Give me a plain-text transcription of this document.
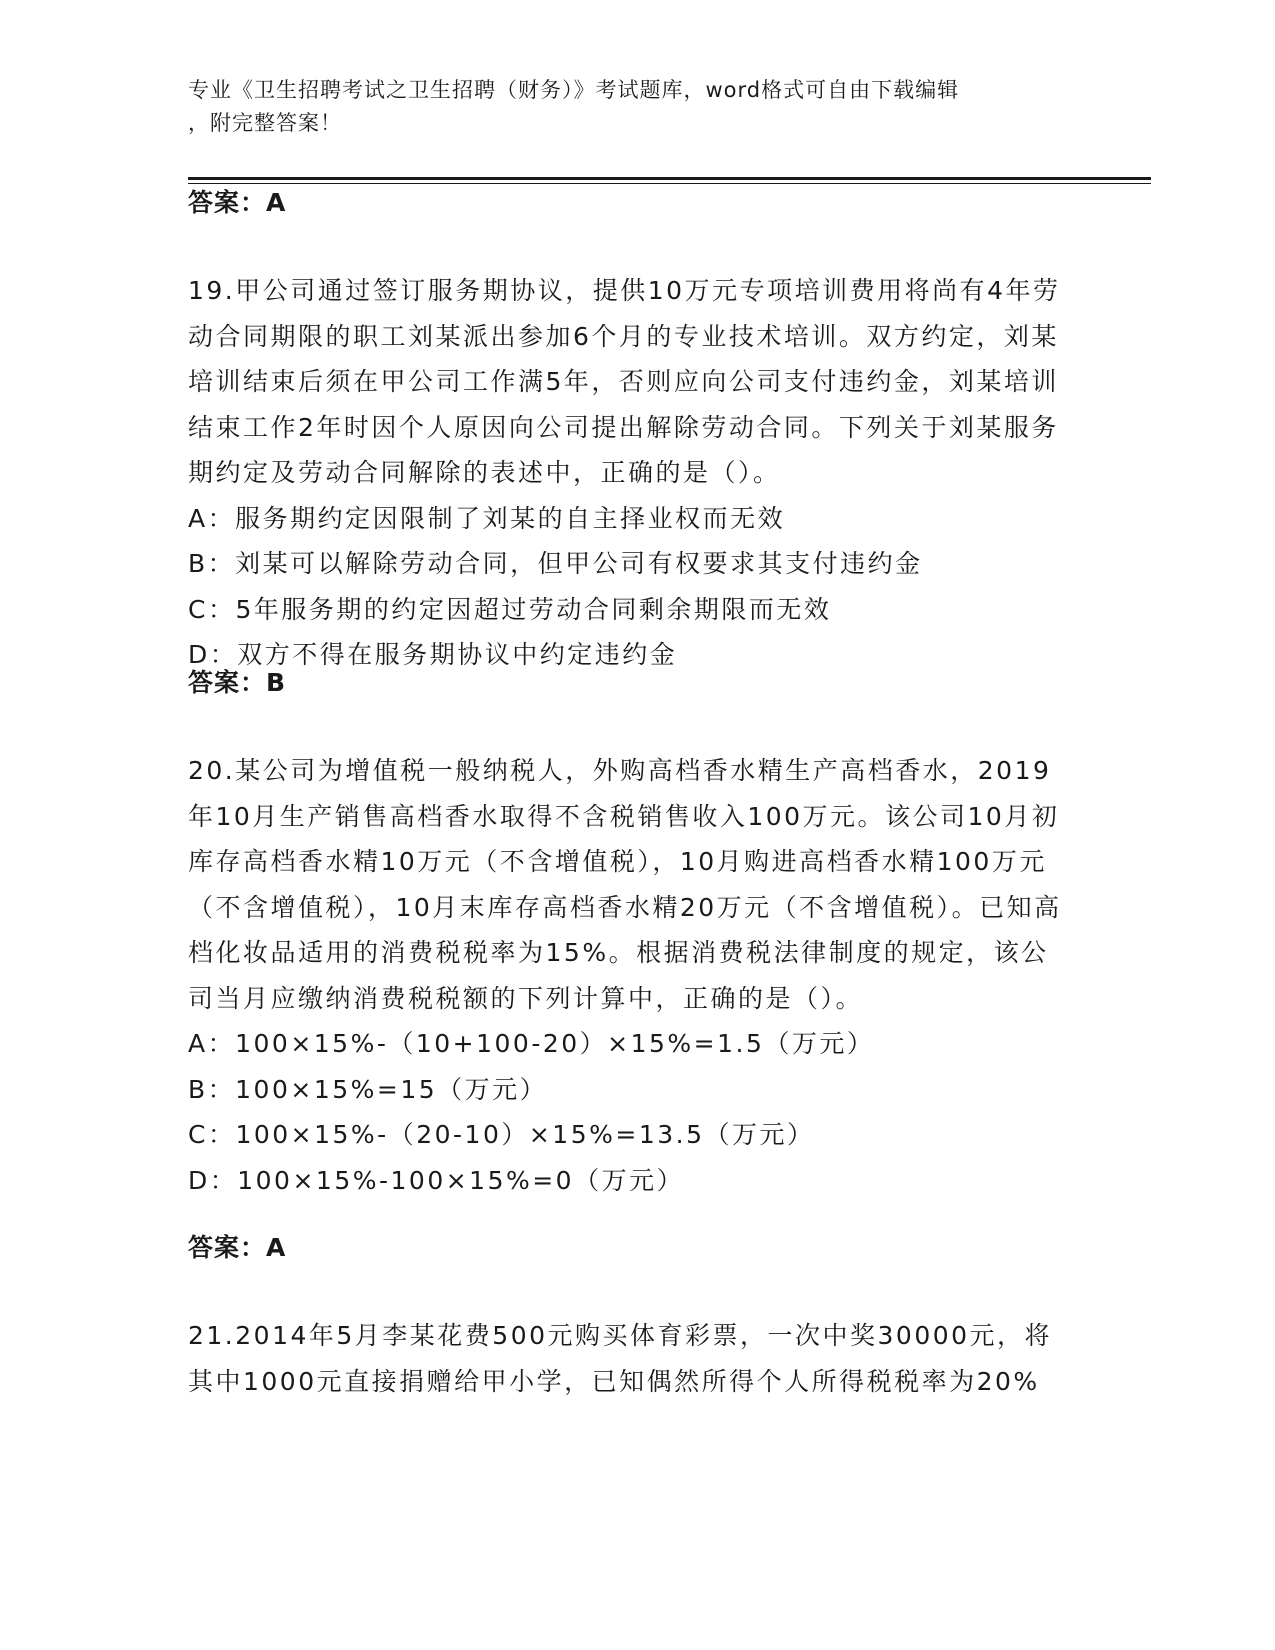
专业《卫生招聘考试之卫生招聘（财务）》考试题库，word格式可自由下载编辑
，附完整答案！
答案：A
19.甲公司通过签订服务期协议，提供10万元专项培训费用将尚有4年劳动合同期限的职工刘某派出参加6个月的专业技术培训。双方约定，刘某培训结束后须在甲公司工作满5年，否则应向公司支付违约金，刘某培训结束工作2年时因个人原因向公司提出解除劳动合同。下列关于刘某服务期约定及劳动合同解除的表述中，正确的是（）。
A：服务期约定因限制了刘某的自主择业权而无效
B：刘某可以解除劳动合同，但甲公司有权要求其支付违约金
C：5年服务期的约定因超过劳动合同剩余期限而无效
D：双方不得在服务期协议中约定违约金
答案：B
20.某公司为增值税一般纳税人，外购高档香水精生产高档香水，2019年10月生产销售高档香水取得不含税销售收入100万元。该公司10月初库存高档香水精10万元（不含增值税），10月购进高档香水精100万元（不含增值税），10月末库存高档香水精20万元（不含增值税）。已知高档化妆品适用的消费税税率为15%。根据消费税法律制度的规定，该公司当月应缴纳消费税税额的下列计算中，正确的是（）。
A：100×15%-（10+100-20）×15%=1.5（万元）
B：100×15%=15（万元）
C：100×15%-（20-10）×15%=13.5（万元）
D：100×15%-100×15%=0（万元）
答案：A
21.2014年5月李某花费500元购买体育彩票，一次中奖30000元，将其中1000元直接捐赠给甲小学，已知偶然所得个人所得税税率为20%
